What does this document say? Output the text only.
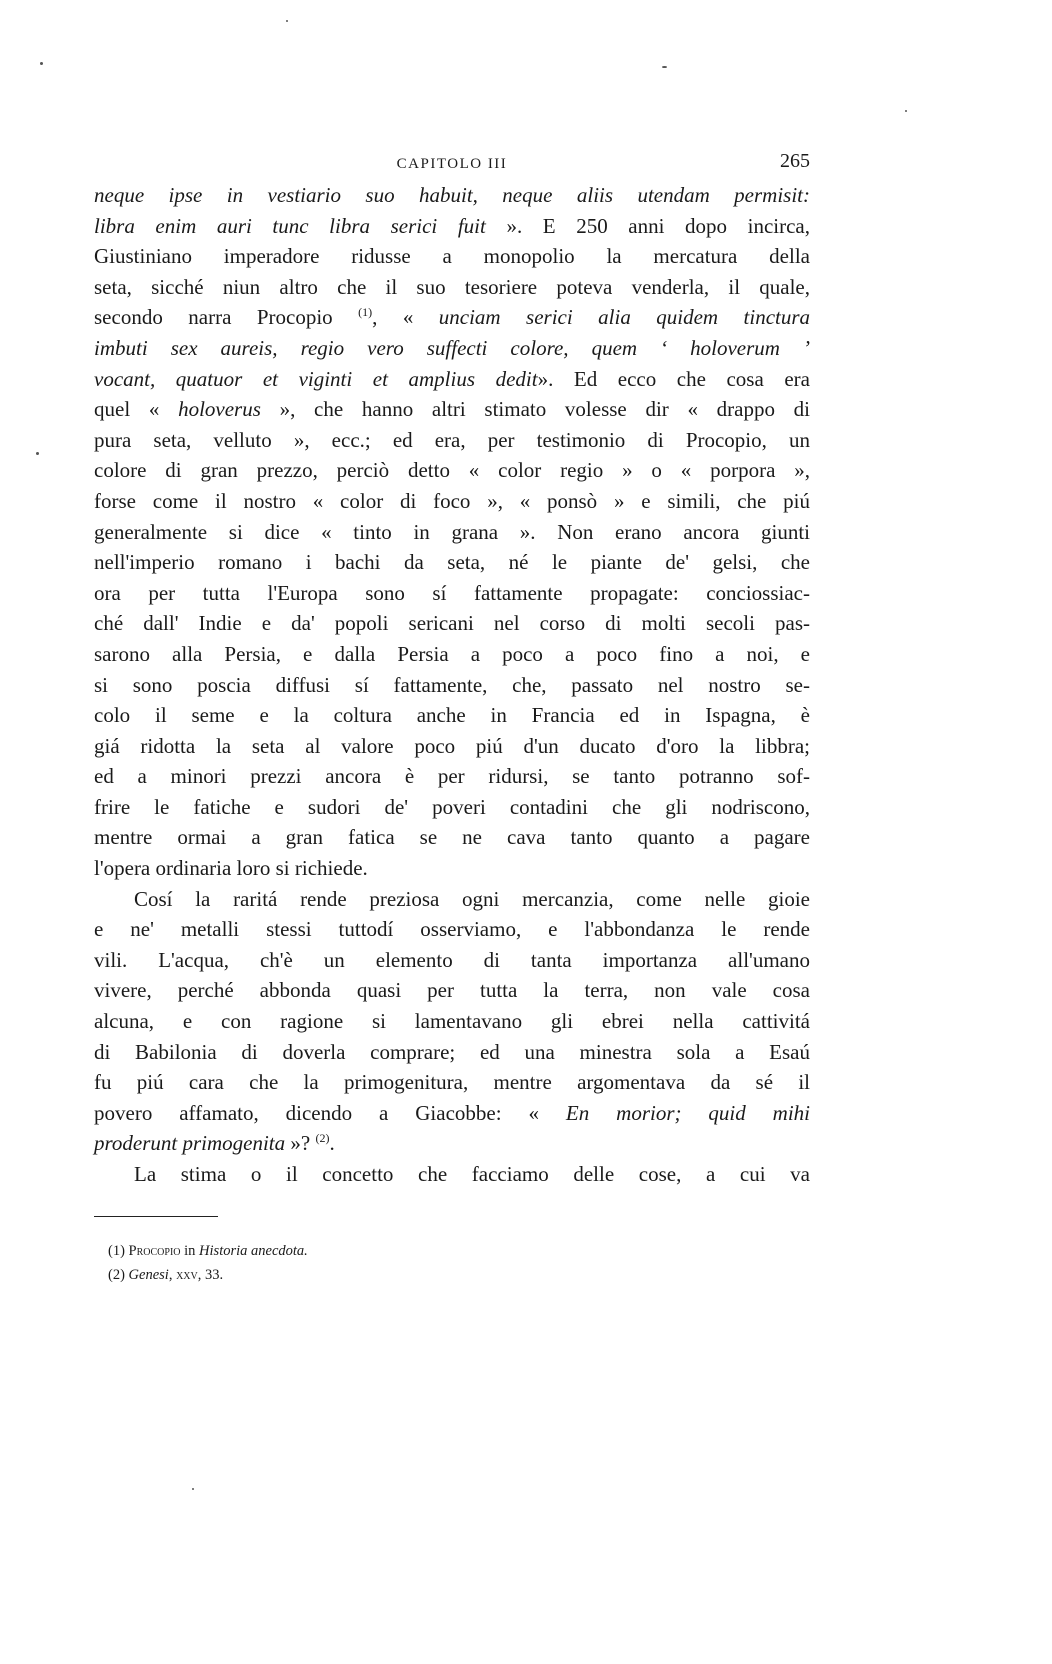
CAPITOLO III	265

neque ipse in vestiario suo habuit, neque aliis utendam permisit:
libra enim auri tunc libra serici fuit ». E 250 anni dopo incirca,
Giustiniano imperadore ridusse a monopolio la mercatura della
seta, sicché niun altro che il suo tesoriere poteva venderla, il quale,
secondo narra Procopio $^{(1)}$, « unciam serici alia quidem tinctura
imbuti sex aureis, regio vero suffecti colore, quem ‘ holoverum ’
vocant, quatuor et viginti et amplius dedit». Ed ecco che cosa era
quel « holoverus », che hanno altri stimato volesse dir « drappo di
pura seta, velluto », ecc.; ed era, per testimonio di Procopio, un
colore di gran prezzo, perciò detto « color regio » o « porpora »,
forse come il nostro « color di foco », « ponsò » e simili, che piú
generalmente si dice « tinto in grana ». Non erano ancora giunti
nell'imperio romano i bachi da seta, né le piante de' gelsi, che
ora per tutta l'Europa sono sí fattamente propagate: conciossiac-
ché dall' Indie e da' popoli sericani nel corso di molti secoli pas-
sarono alla Persia, e dalla Persia a poco a poco fino a noi, e
si sono poscia diffusi sí fattamente, che, passato nel nostro se-
colo il seme e la coltura anche in Francia ed in Ispagna, è
giá ridotta la seta al valore poco piú d'un ducato d'oro la libbra;
ed a minori prezzi ancora è per ridursi, se tanto potranno sof-
frire le fatiche e sudori de' poveri contadini che gli nodriscono,
mentre ormai a gran fatica se ne cava tanto quanto a pagare
l'opera ordinaria loro si richiede.

Cosí la raritá rende preziosa ogni mercanzia, come nelle gioie
e ne' metalli stessi tuttodí osserviamo, e l'abbondanza le rende
vili. L'acqua, ch'è un elemento di tanta importanza all'umano
vivere, perché abbonda quasi per tutta la terra, non vale cosa
alcuna, e con ragione si lamentavano gli ebrei nella cattivitá
di Babilonia di doverla comprare; ed una minestra sola a Esaú
fu piú cara che la primogenitura, mentre argomentava da sé il
povero affamato, dicendo a Giacobbe: « En morior; quid mihi
proderunt primogenita »? $^{(2)}$.

La stima o il concetto che facciamo delle cose, a cui va

(1) Procopio in Historia anecdota.
(2) Genesi, xxv, 33.
